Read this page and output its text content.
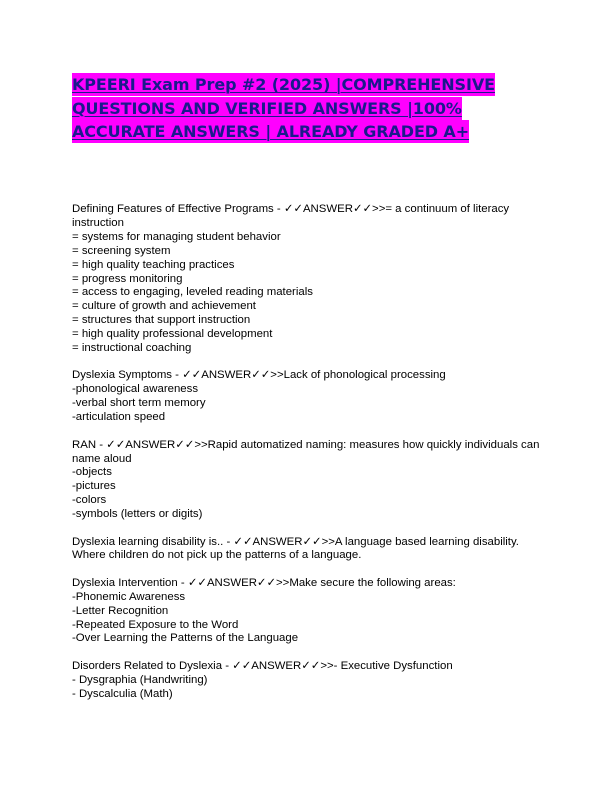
KPEERI Exam Prep #2 (2025) |COMPREHENSIVE
QUESTIONS AND VERIFIED ANSWERS |100%
ACCURATE ANSWERS | ALREADY GRADED A+
Defining Features of Effective Programs - ✓✓ANSWER✓✓>>= a continuum of literacy instruction
= systems for managing student behavior
= screening system
= high quality teaching practices
= progress monitoring
= access to engaging, leveled reading materials
= culture of growth and achievement
= structures that support instruction
= high quality professional development
= instructional coaching
Dyslexia Symptoms - ✓✓ANSWER✓✓>>Lack of phonological processing
-phonological awareness
-verbal short term memory
-articulation speed
RAN - ✓✓ANSWER✓✓>>Rapid automatized naming: measures how quickly individuals can name aloud
-objects
-pictures
-colors
-symbols (letters or digits)
Dyslexia learning disability is.. - ✓✓ANSWER✓✓>>A language based learning disability. Where children do not pick up the patterns of a language.
Dyslexia Intervention - ✓✓ANSWER✓✓>>Make secure the following areas:
-Phonemic Awareness
-Letter Recognition
-Repeated Exposure to the Word
-Over Learning the Patterns of the Language
Disorders Related to Dyslexia - ✓✓ANSWER✓✓>>- Executive Dysfunction
- Dysgraphia (Handwriting)
- Dyscalculia (Math)
